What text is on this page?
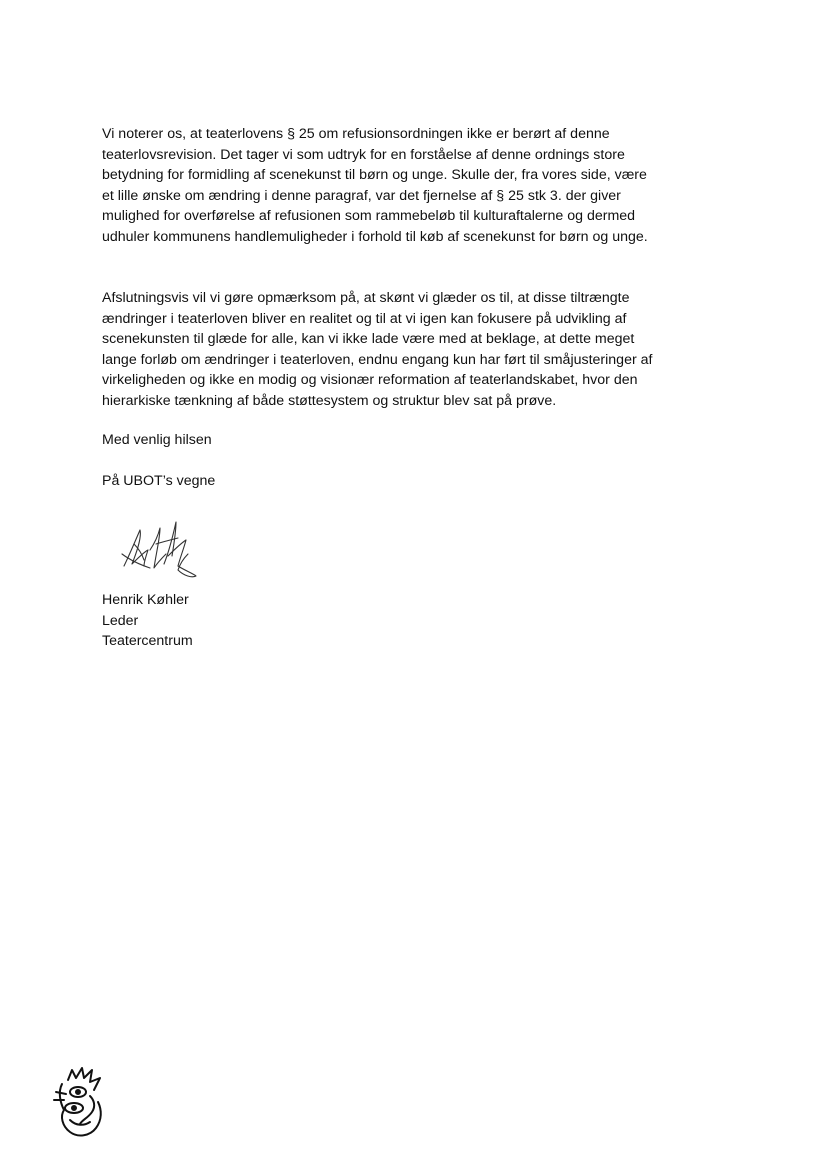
Vi noterer os, at teaterlovens § 25 om refusionsordningen ikke er berørt af denne
teaterlovsrevision. Det tager vi som udtryk for en forståelse af denne ordnings store
betydning for formidling af scenekunst til børn og unge. Skulle der, fra vores side, være
et lille ønske om ændring i denne paragraf, var det fjernelse af § 25 stk 3. der giver
mulighed for overførelse af refusionen som rammebeløb til kulturaftalerne og dermed
udhuler kommunens handlemuligheder i forhold til køb af scenekunst for børn og unge.

Afslutningsvis vil vi gøre opmærksom på, at skønt vi glæder os til, at disse tiltrængte
ændringer i teaterloven bliver en realitet og til at vi igen kan fokusere på udvikling af
scenekunsten til glæde for alle, kan vi ikke lade være med at beklage, at dette meget
lange forløb om ændringer i teaterloven, endnu engang kun har ført til småjusteringer af
virkeligheden og ikke en modig og visionær reformation af teaterlandskabet, hvor den
hierarkiske tænkning af både støttesystem og struktur blev sat på prøve.

Med venlig hilsen

På UBOT’s vegne

Henrik Køhler
Leder
Teatercentrum
